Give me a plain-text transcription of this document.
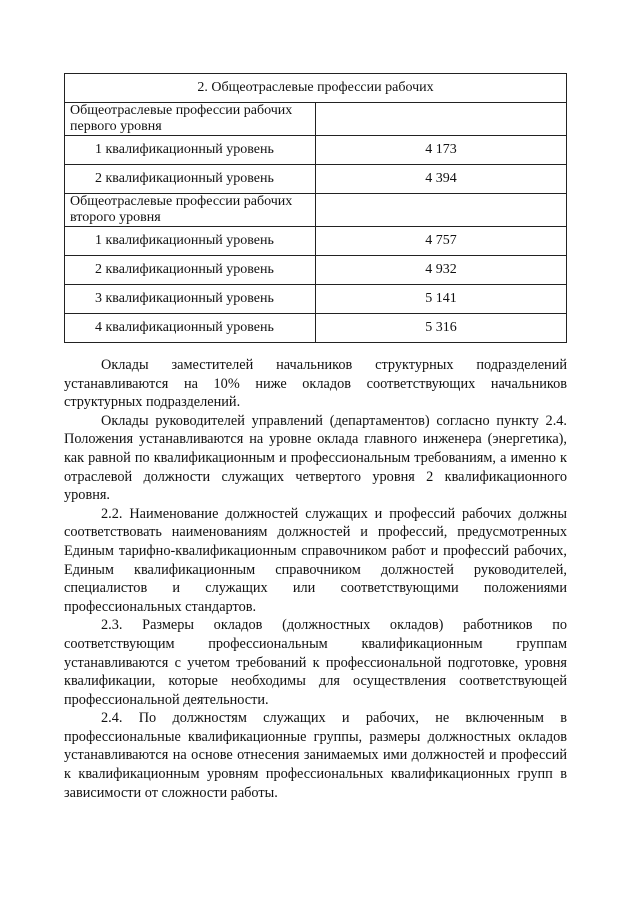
2. Общеотраслевые профессии рабочих	
Общеотраслевые профессии рабочих первого уровня	
1 квалификационный уровень	4 173
2 квалификационный уровень	4 394
Общеотраслевые профессии рабочих второго уровня	
1 квалификационный уровень	4 757
2 квалификационный уровень	4 932
3 квалификационный уровень	5 141
4 квалификационный уровень	5 316

Оклады заместителей начальников структурных подразделений устанавливаются на 10% ниже окладов соответствующих начальников структурных подразделений.

Оклады руководителей управлений (департаментов) согласно пункту 2.4. Положения устанавливаются на уровне оклада главного инженера (энергетика), как равной по квалификационным и профессиональным требованиям, а именно к отраслевой должности служащих четвертого уровня 2 квалификационного уровня.

2.2. Наименование должностей служащих и профессий рабочих должны соответствовать наименованиям должностей и профессий, предусмотренных Единым тарифно-квалификационным справочником работ и профессий рабочих, Единым квалификационным справочником должностей руководителей, специалистов и служащих или соответствующими положениями профессиональных стандартов.

2.3. Размеры окладов (должностных окладов) работников по соответствующим профессиональным квалификационным группам устанавливаются с учетом требований к профессиональной подготовке, уровня квалификации, которые необходимы для осуществления соответствующей профессиональной деятельности.

2.4. По должностям служащих и рабочих, не включенным в профессиональные квалификационные группы, размеры должностных окладов устанавливаются на основе отнесения занимаемых ими должностей и профессий к квалификационным уровням профессиональных квалификационных групп в зависимости от сложности работы.
